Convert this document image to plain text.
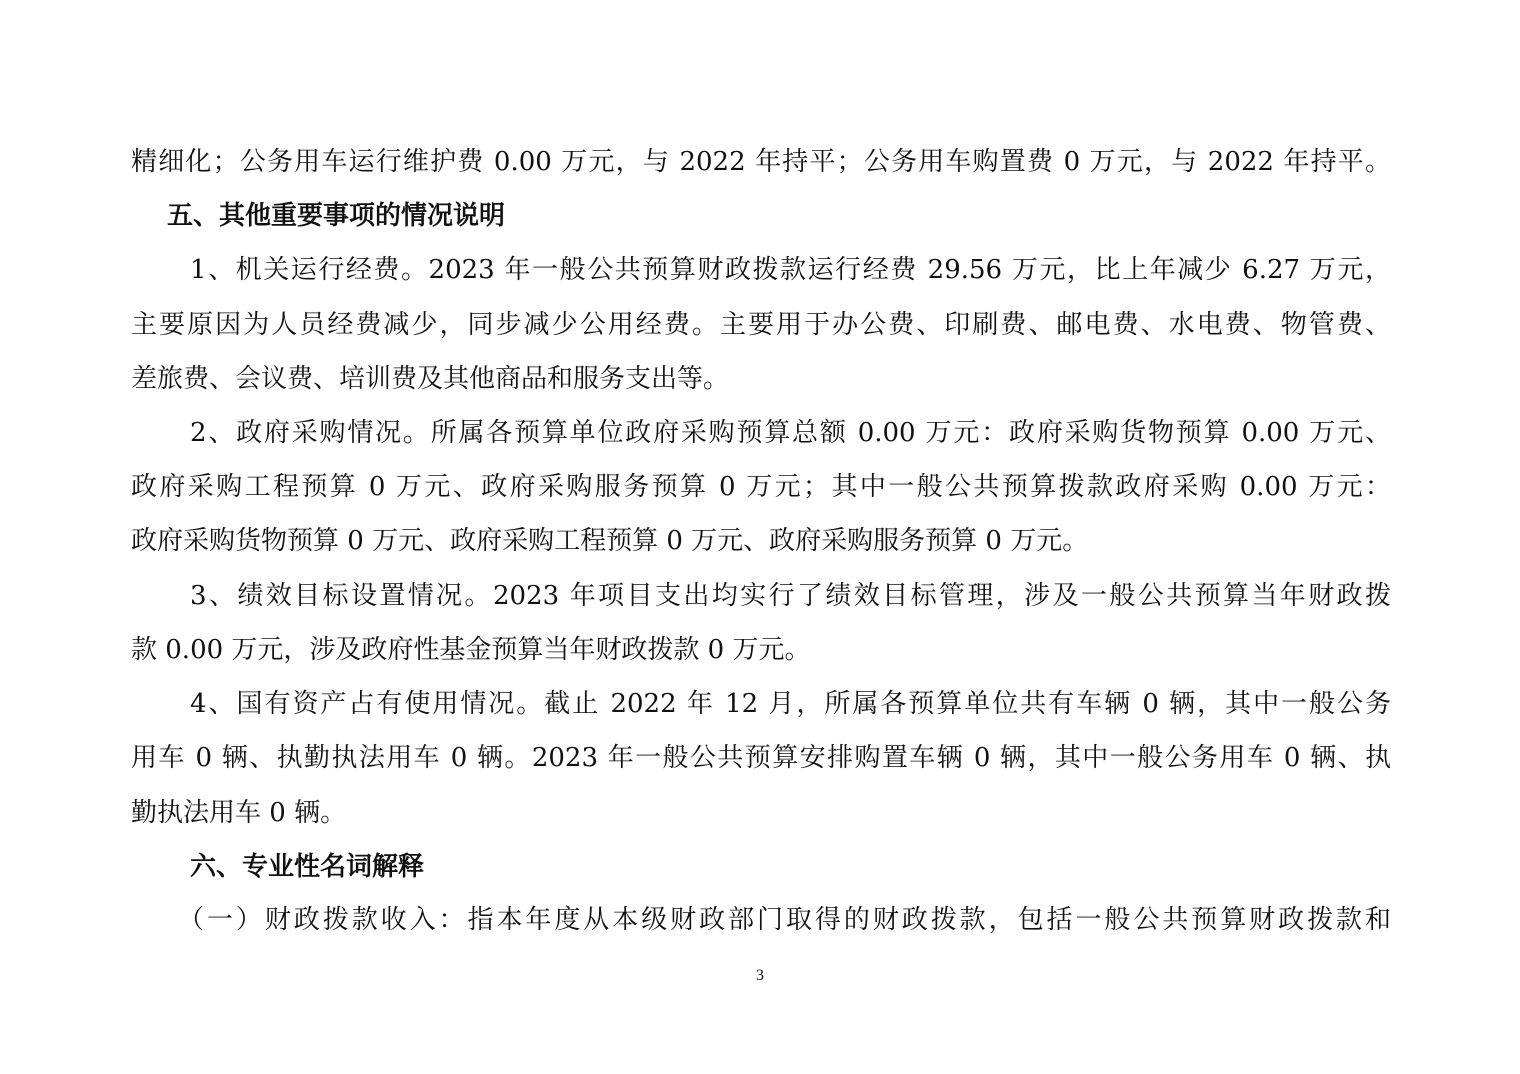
精细化；公务用车运行维护费 0.00 万元，与 2022 年持平；公务用车购置费 0 万元，与 2022 年持平。
五、其他重要事项的情况说明
1、机关运行经费。2023 年一般公共预算财政拨款运行经费 29.56 万元，比上年减少 6.27 万元，
主要原因为人员经费减少，同步减少公用经费。主要用于办公费、印刷费、邮电费、水电费、物管费、
差旅费、会议费、培训费及其他商品和服务支出等。
2、政府采购情况。所属各预算单位政府采购预算总额 0.00 万元：政府采购货物预算 0.00 万元、
政府采购工程预算 0 万元、政府采购服务预算 0 万元；其中一般公共预算拨款政府采购 0.00 万元：
政府采购货物预算 0 万元、政府采购工程预算 0 万元、政府采购服务预算 0 万元。
3、绩效目标设置情况。2023 年项目支出均实行了绩效目标管理，涉及一般公共预算当年财政拨
款 0.00 万元，涉及政府性基金预算当年财政拨款 0 万元。
4、国有资产占有使用情况。截止 2022 年 12 月，所属各预算单位共有车辆 0 辆，其中一般公务
用车 0 辆、执勤执法用车 0 辆。2023 年一般公共预算安排购置车辆 0 辆，其中一般公务用车 0 辆、执
勤执法用车 0 辆。
六、专业性名词解释
（一）财政拨款收入：指本年度从本级财政部门取得的财政拨款，包括一般公共预算财政拨款和
3
